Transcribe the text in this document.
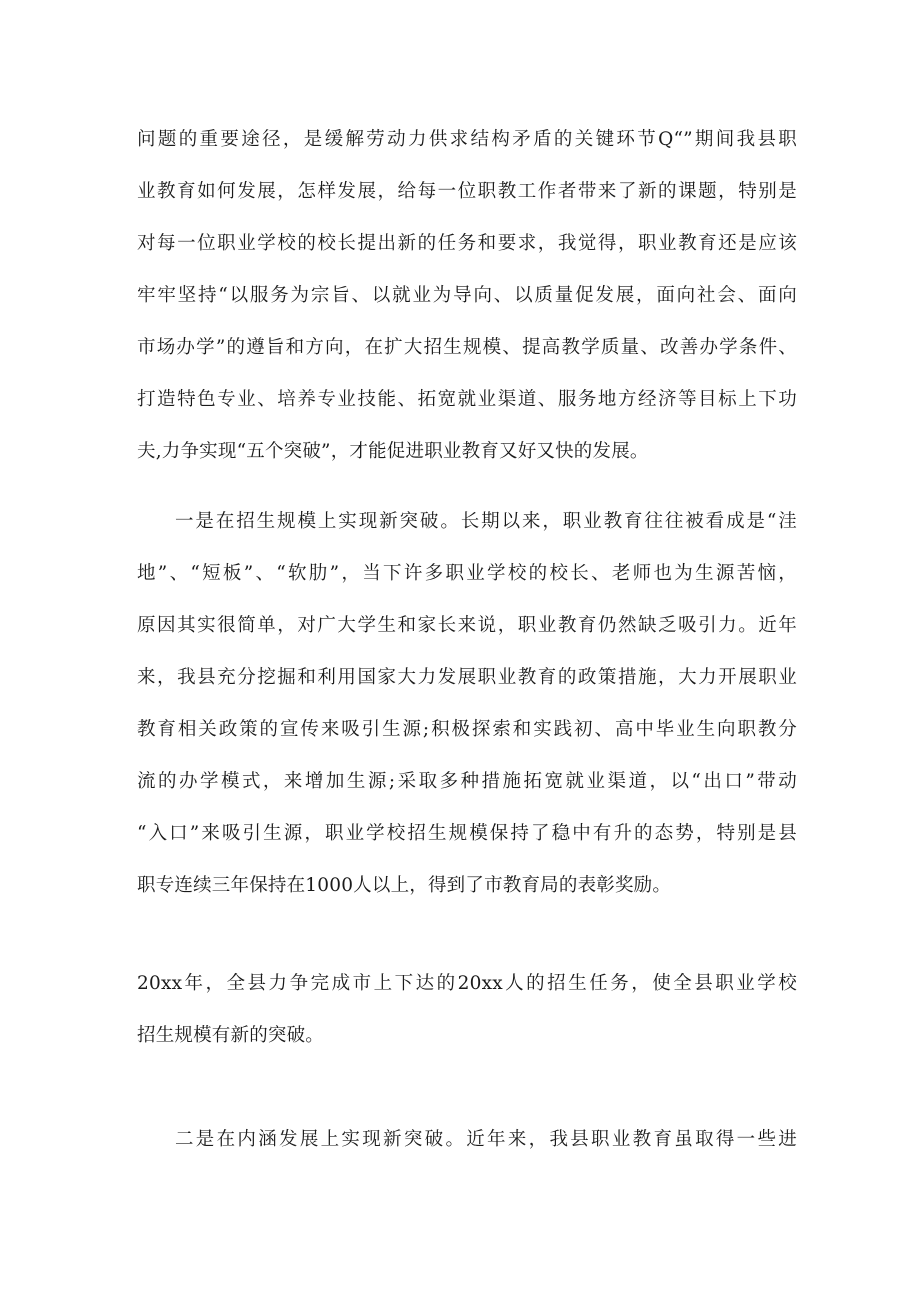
问题的重要途径，是缓解劳动力供求结构矛盾的关键环节Q“”期间我县职
业教育如何发展，怎样发展，给每一位职教工作者带来了新的课题，特别是
对每一位职业学校的校长提出新的任务和要求，我觉得，职业教育还是应该
牢牢坚持“以服务为宗旨、以就业为导向、以质量促发展，面向社会、面向
市场办学”的遵旨和方向，在扩大招生规模、提高教学质量、改善办学条件、
打造特色专业、培养专业技能、拓宽就业渠道、服务地方经济等目标上下功
夫,力争实现“五个突破”，才能促进职业教育又好又快的发展。
一是在招生规模上实现新突破。长期以来，职业教育往往被看成是“洼
地”、“短板”、“软肋”，当下许多职业学校的校长、老师也为生源苦恼，
原因其实很简单，对广大学生和家长来说，职业教育仍然缺乏吸引力。近年
来，我县充分挖掘和利用国家大力发展职业教育的政策措施，大力开展职业
教育相关政策的宣传来吸引生源;积极探索和实践初、高中毕业生向职教分
流的办学模式，来增加生源;采取多种措施拓宽就业渠道，以“出口”带动
“入口”来吸引生源，职业学校招生规模保持了稳中有升的态势，特别是县
职专连续三年保持在1000人以上，得到了市教育局的表彰奖励。
20xx年，全县力争完成市上下达的20xx人的招生任务，使全县职业学校
招生规模有新的突破。
二是在内涵发展上实现新突破。近年来，我县职业教育虽取得一些进
